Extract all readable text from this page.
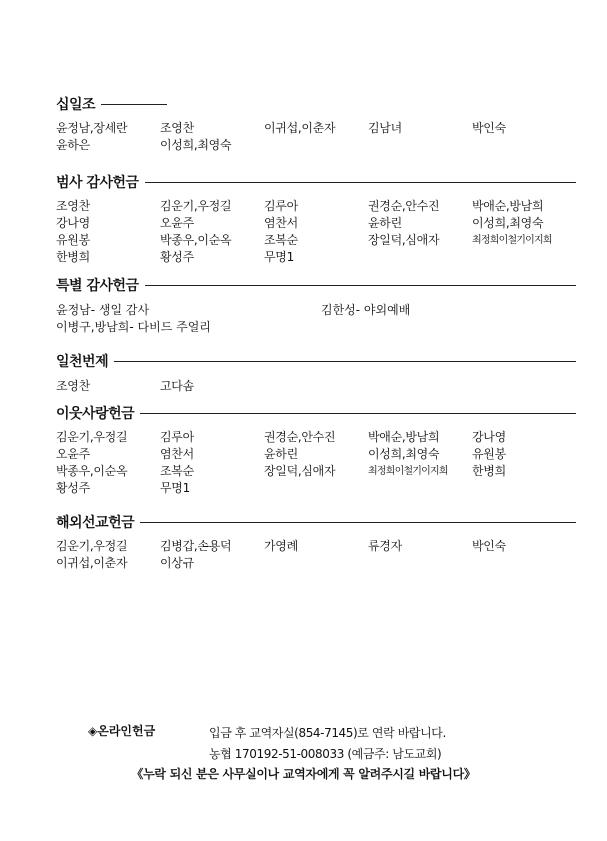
십일조
윤정남,장세란	조영찬	이귀섭,이춘자	김남녀	박인숙
윤하은	이성희,최영숙
범사 감사헌금
조영찬	김운기,우정길	김루아	권경순,안수진	박애순,방남희
강나영	오윤주	염찬서	윤하린	이성희,최영숙
유원봉	박종우,이순옥	조복순	장일덕,심애자	최정희이철기이지희
한병희	황성주	무명1
특별 감사헌금
윤정남- 생일 감사	김한성- 야외예배
이병구,방남희- 다비드 주얼리
일천번제
조영찬	고다솜
이웃사랑헌금
김운기,우정길	김루아	권경순,안수진	박애순,방남희	강나영
오윤주	염찬서	윤하린	이성희,최영숙	유원봉
박종우,이순옥	조복순	장일덕,심애자	최정희이철기이지희	한병희
황성주	무명1
해외선교헌금
김운기,우정길	김병갑,손용덕	가영례	류경자	박인숙
이귀섭,이춘자	이상규
◈온라인헌금	입금 후 교역자실(854-7145)로 연락 바랍니다.
농협 170192-51-008033 (예금주: 남도교회)
《누락 되신 분은 사무실이나 교역자에게 꼭 알려주시길 바랍니다》
